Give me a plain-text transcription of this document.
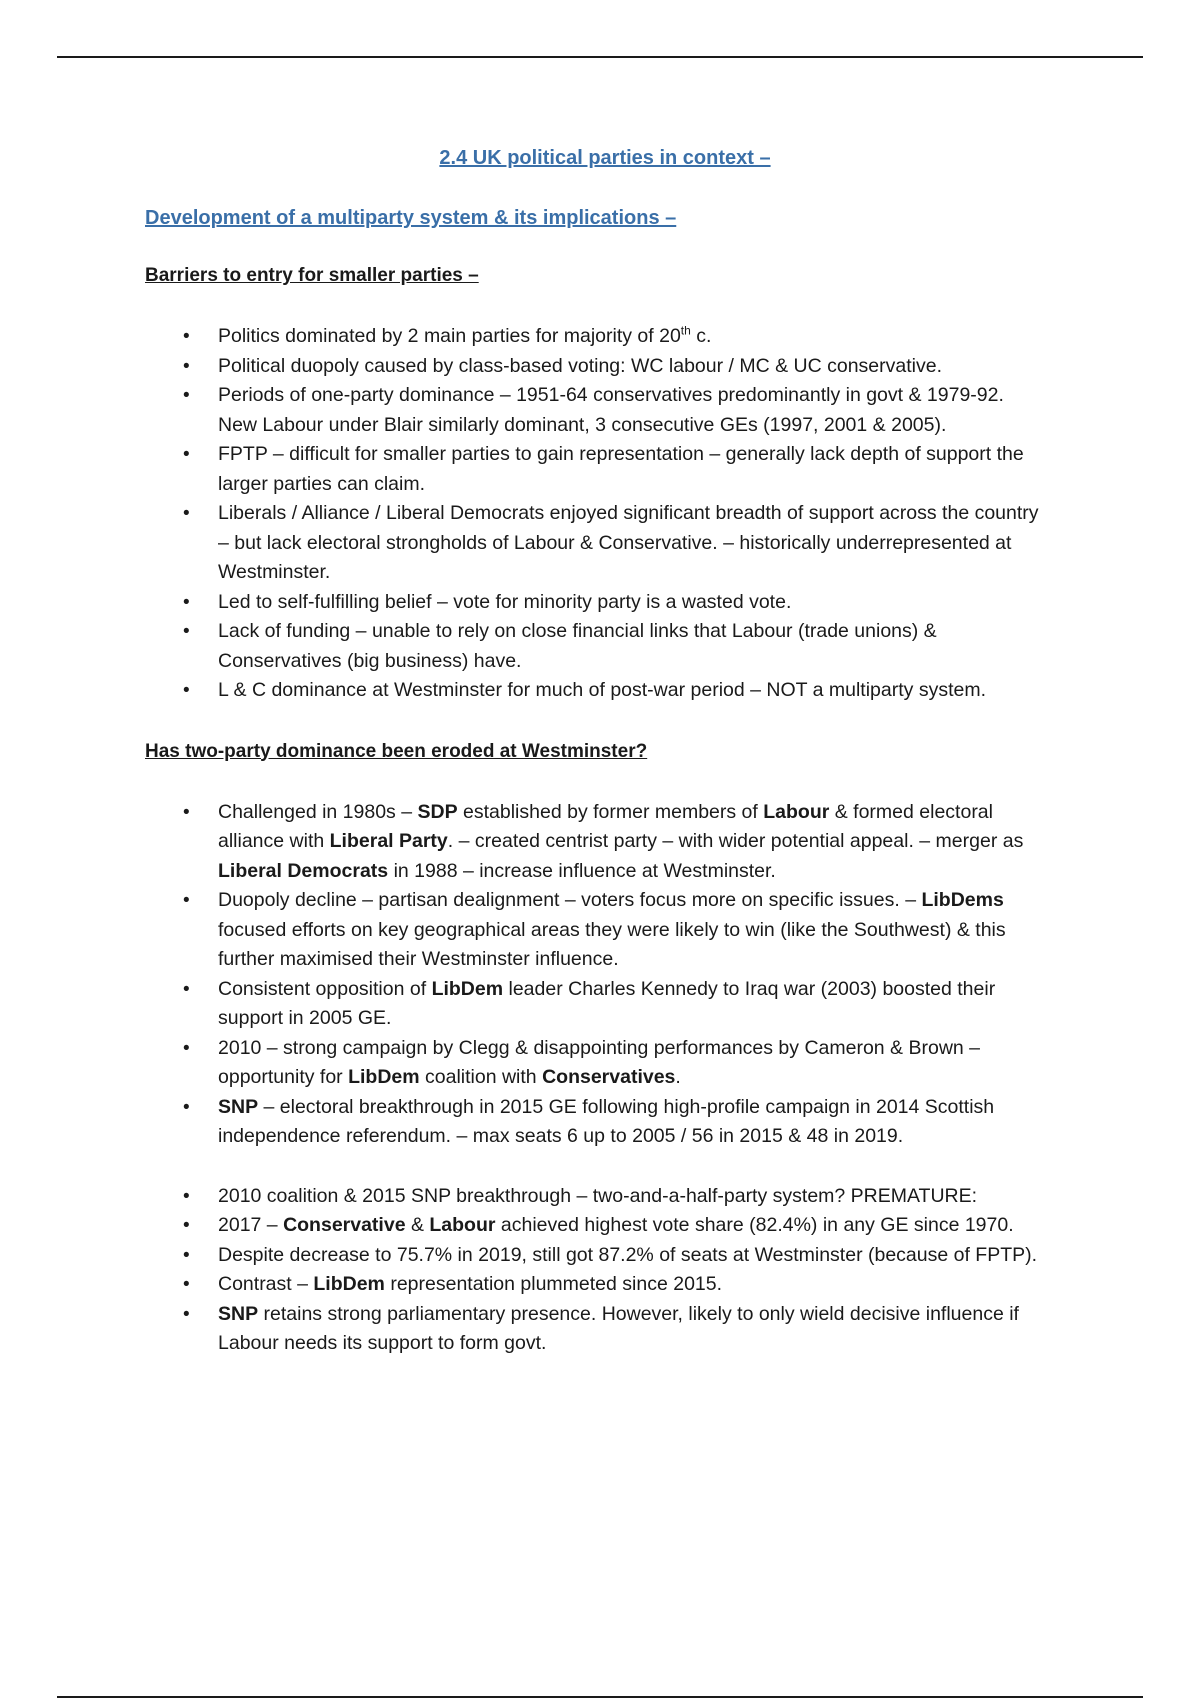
2.4 UK political parties in context –
Development of a multiparty system & its implications –
Barriers to entry for smaller parties –
• Politics dominated by 2 main parties for majority of 20th c.
• Political duopoly caused by class-based voting: WC labour / MC & UC conservative.
• Periods of one-party dominance – 1951-64 conservatives predominantly in govt & 1979-92. New Labour under Blair similarly dominant, 3 consecutive GEs (1997, 2001 & 2005).
• FPTP – difficult for smaller parties to gain representation – generally lack depth of support the larger parties can claim.
• Liberals / Alliance / Liberal Democrats enjoyed significant breadth of support across the country – but lack electoral strongholds of Labour & Conservative. – historically underrepresented at Westminster.
• Led to self-fulfilling belief – vote for minority party is a wasted vote.
• Lack of funding – unable to rely on close financial links that Labour (trade unions) & Conservatives (big business) have.
• L & C dominance at Westminster for much of post-war period – NOT a multiparty system.
Has two-party dominance been eroded at Westminster?
• Challenged in 1980s – SDP established by former members of Labour & formed electoral alliance with Liberal Party. – created centrist party – with wider potential appeal. – merger as Liberal Democrats in 1988 – increase influence at Westminster.
• Duopoly decline – partisan dealignment – voters focus more on specific issues. – LibDems focused efforts on key geographical areas they were likely to win (like the Southwest) & this further maximised their Westminster influence.
• Consistent opposition of LibDem leader Charles Kennedy to Iraq war (2003) boosted their support in 2005 GE.
• 2010 – strong campaign by Clegg & disappointing performances by Cameron & Brown – opportunity for LibDem coalition with Conservatives.
• SNP – electoral breakthrough in 2015 GE following high-profile campaign in 2014 Scottish independence referendum. – max seats 6 up to 2005 / 56 in 2015 & 48 in 2019.
• 2010 coalition & 2015 SNP breakthrough – two-and-a-half-party system? PREMATURE:
• 2017 – Conservative & Labour achieved highest vote share (82.4%) in any GE since 1970.
• Despite decrease to 75.7% in 2019, still got 87.2% of seats at Westminster (because of FPTP).
• Contrast – LibDem representation plummeted since 2015.
• SNP retains strong parliamentary presence. However, likely to only wield decisive influence if Labour needs its support to form govt.
